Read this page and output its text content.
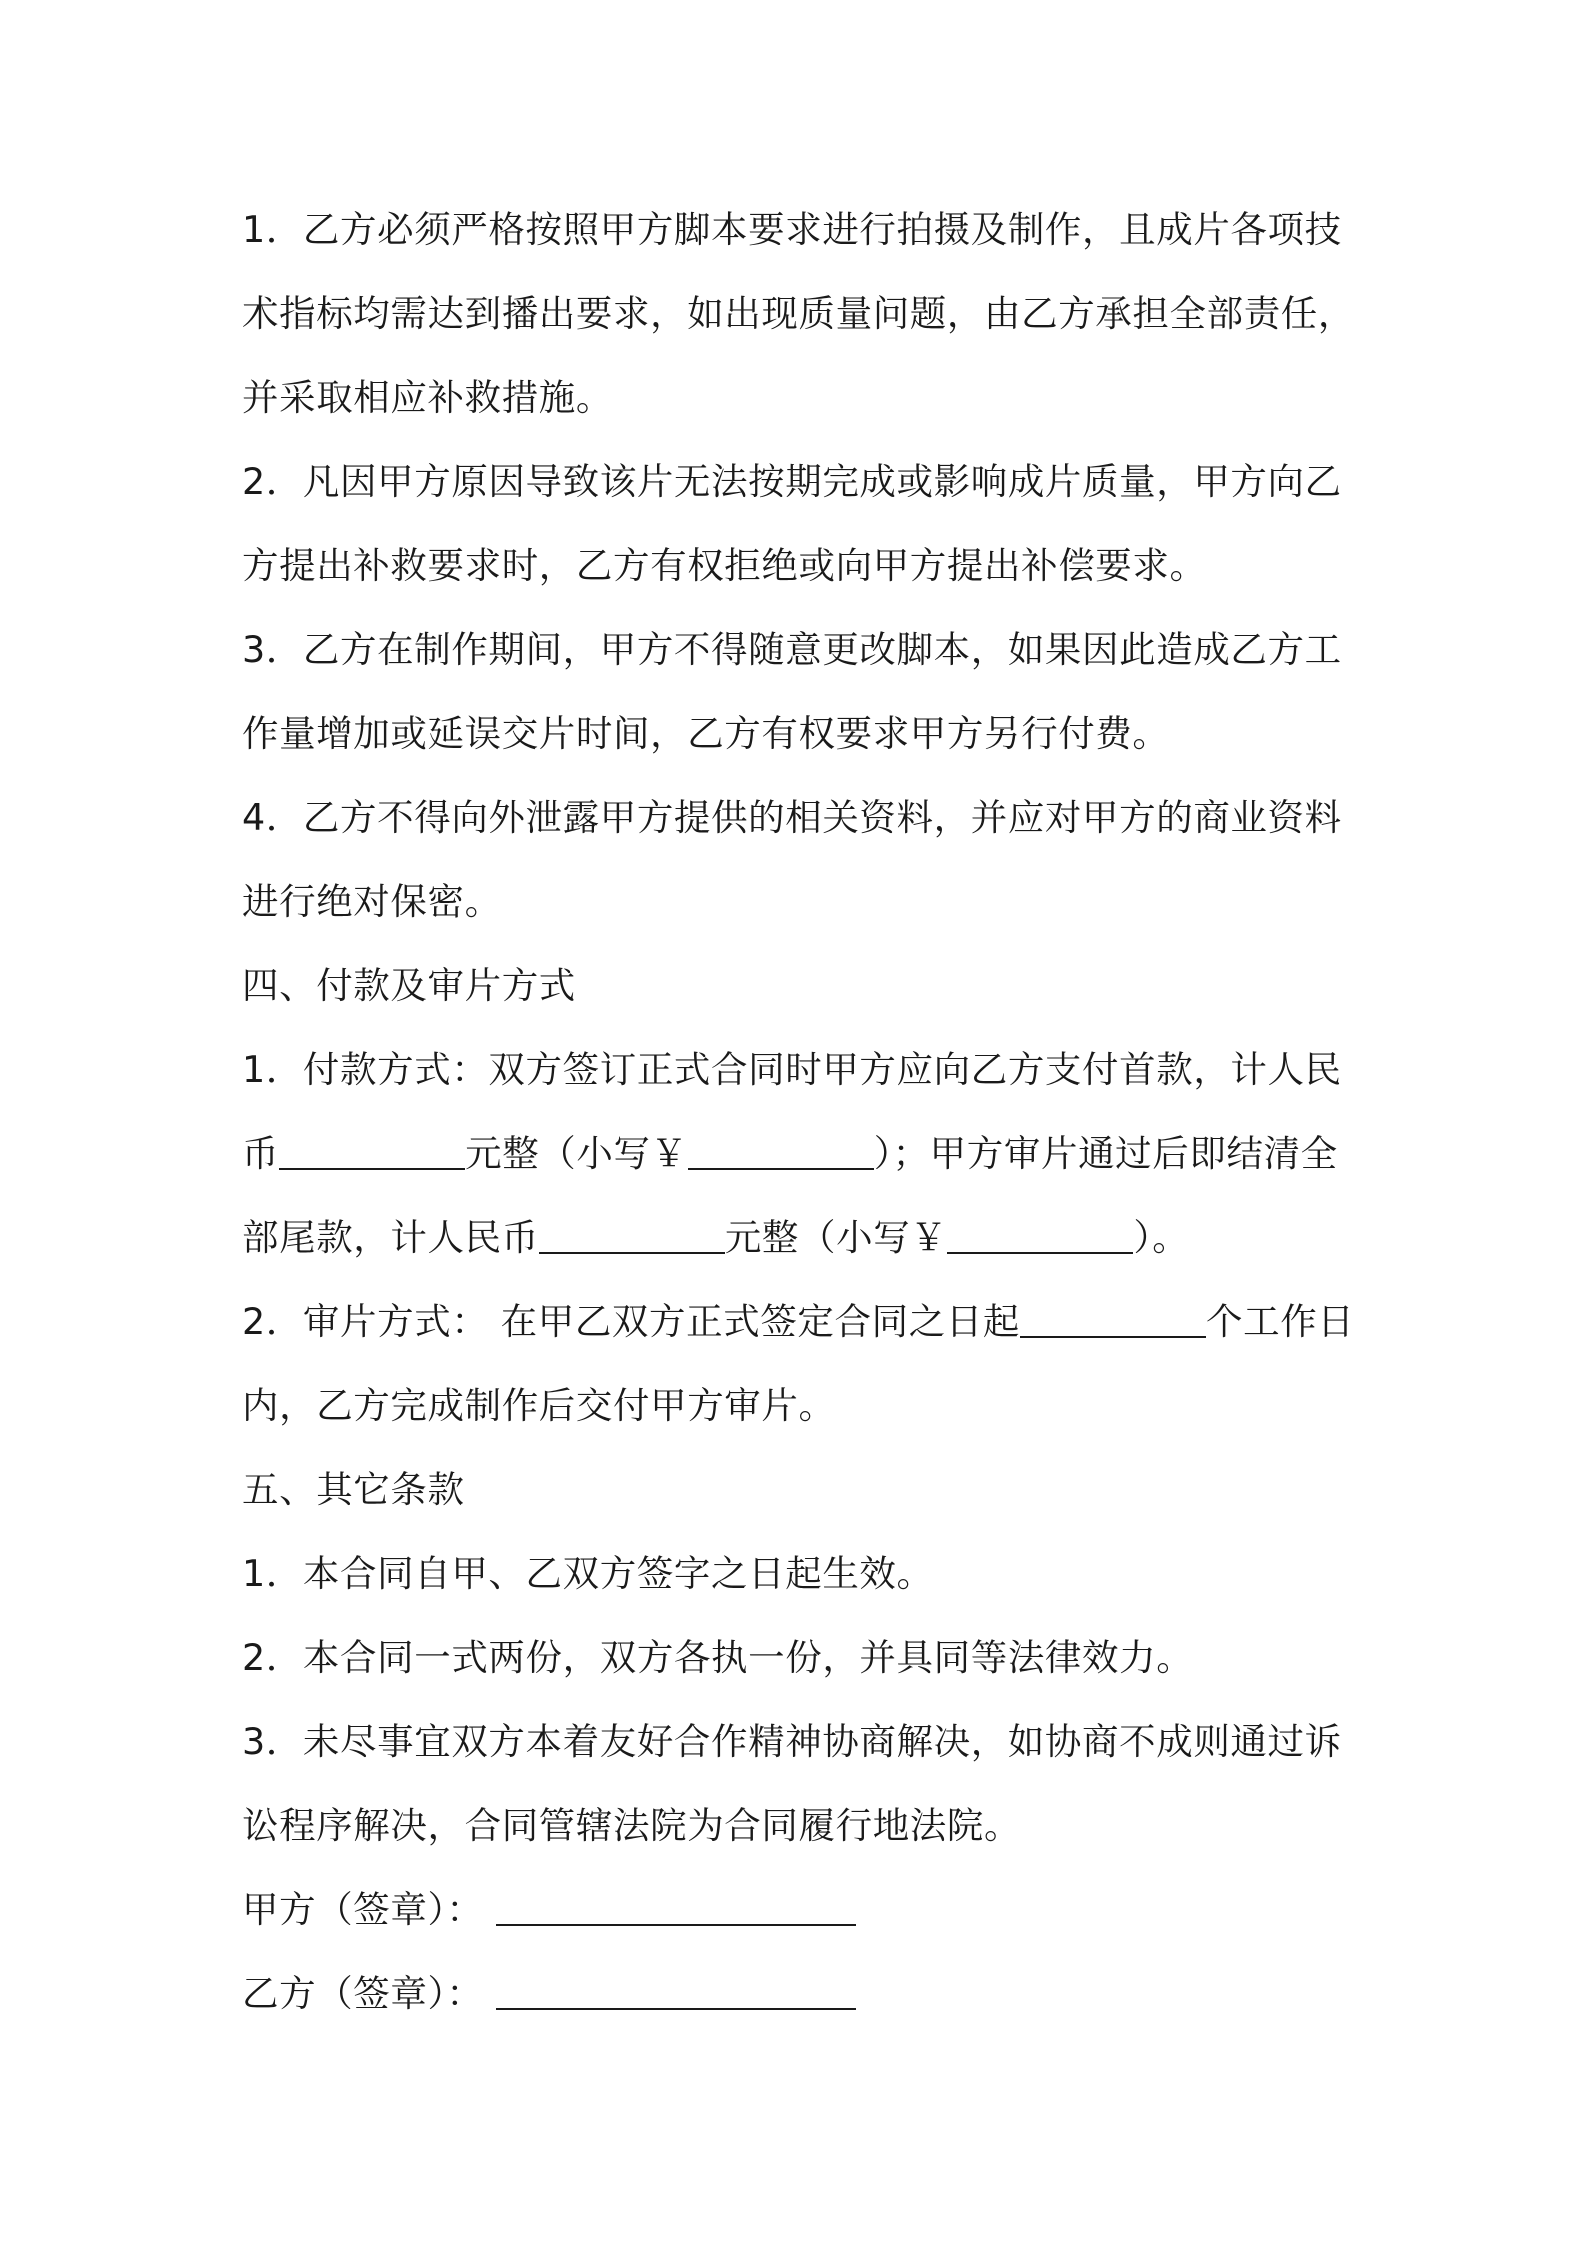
1．乙方必须严格按照甲方脚本要求进行拍摄及制作，且成片各项技
术指标均需达到播出要求，如出现质量问题，由乙方承担全部责任，
并采取相应补救措施。
2．凡因甲方原因导致该片无法按期完成或影响成片质量，甲方向乙
方提出补救要求时，乙方有权拒绝或向甲方提出补偿要求。
3．乙方在制作期间，甲方不得随意更改脚本，如果因此造成乙方工
作量增加或延误交片时间，乙方有权要求甲方另行付费。
4．乙方不得向外泄露甲方提供的相关资料，并应对甲方的商业资料
进行绝对保密。
四、付款及审片方式
1．付款方式：双方签订正式合同时甲方应向乙方支付首款，计人民
币	元整（小写￥	）；甲方审片通过后即结清全
部尾款，计人民币	元整（小写￥	）。
2．审片方式： 在甲乙双方正式签定合同之日起	个工作日
内，乙方完成制作后交付甲方审片。
五、其它条款
1．本合同自甲、乙双方签字之日起生效。
2．本合同一式两份，双方各执一份，并具同等法律效力。
3．未尽事宜双方本着友好合作精神协商解决，如协商不成则通过诉
讼程序解决，合同管辖法院为合同履行地法院。
甲方（签章）：
乙方（签章）：
